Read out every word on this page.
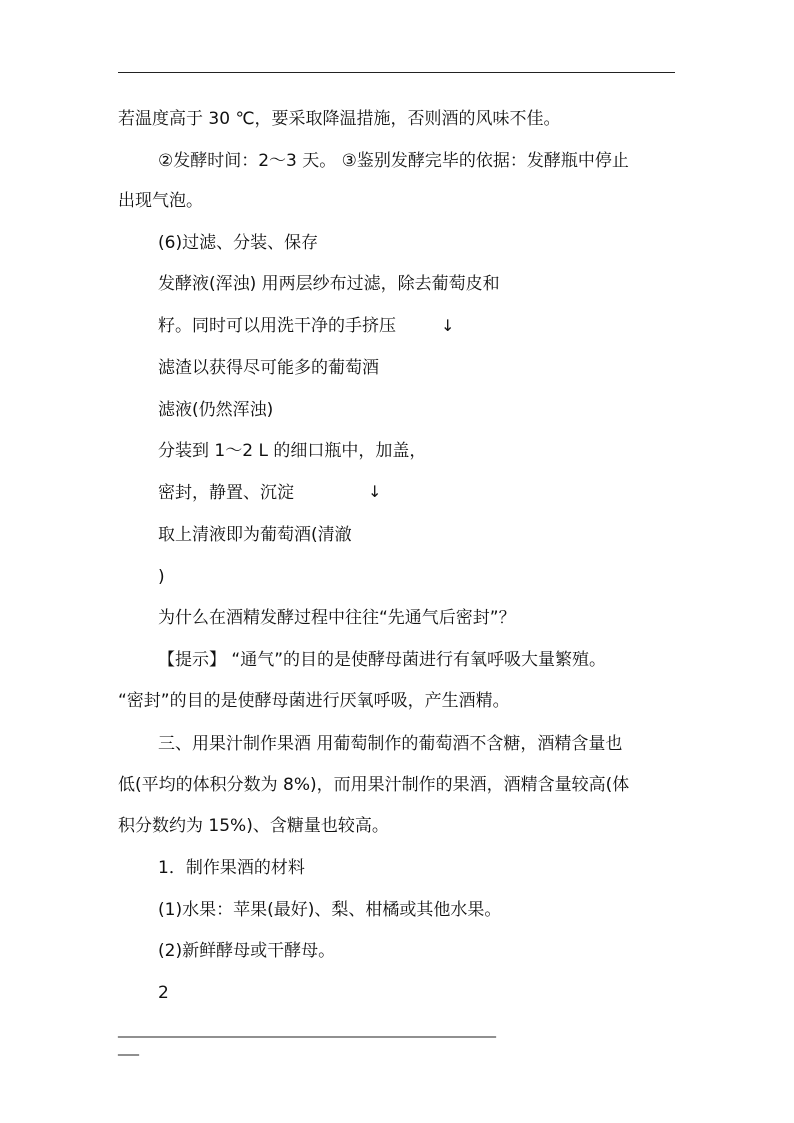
若温度高于 30 ℃，要采取降温措施，否则酒的风味不佳。
②发酵时间：2～3 天。 ③鉴别发酵完毕的依据：发酵瓶中停止
出现气泡。
(6)过滤、分装、保存
发酵液(浑浊) 用两层纱布过滤，除去葡萄皮和
籽。同时可以用洗干净的手挤压	↓
滤渣以获得尽可能多的葡萄酒
滤液(仍然浑浊)
分装到 1～2 L 的细口瓶中，加盖，
密封，静置、沉淀	↓
取上清液即为葡萄酒(清澈
)
为什么在酒精发酵过程中往往“先通气后密封”？
【提示】 “通气”的目的是使酵母菌进行有氧呼吸大量繁殖。
“密封”的目的是使酵母菌进行厌氧呼吸，产生酒精。
三、用果汁制作果酒 用葡萄制作的葡萄酒不含糖，酒精含量也
低(平均的体积分数为 8%)，而用果汁制作的果酒，酒精含量较高(体
积分数约为 15%)、含糖量也较高。
1．制作果酒的材料
(1)水果：苹果(最好)、梨、柑橘或其他水果。
(2)新鲜酵母或干酵母。
2
______________________________________________________
___
